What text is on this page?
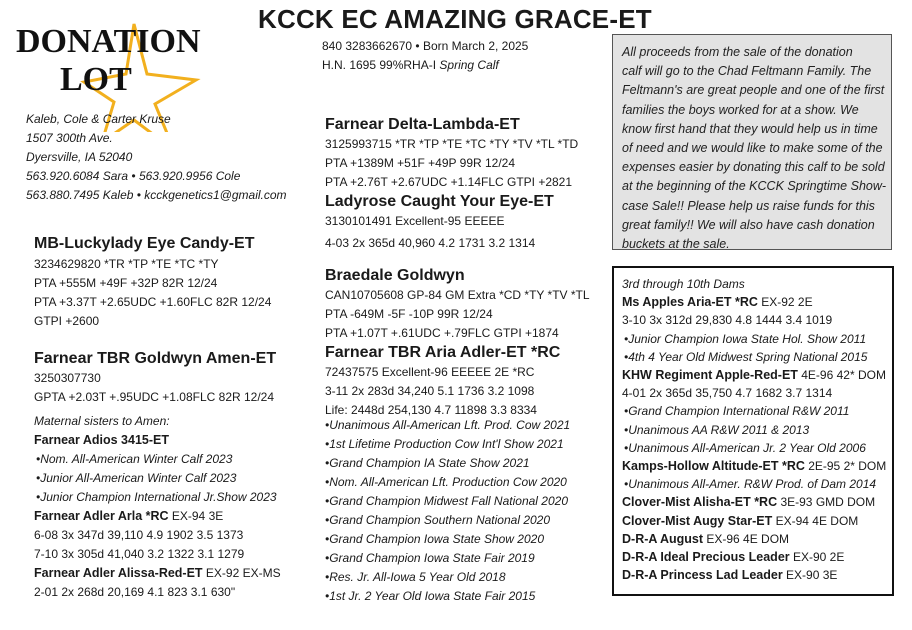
KCCK EC AMAZING GRACE-ET
DONATION
LOT
Kaleb, Cole & Carter Kruse
1507 300th Ave.
Dyersville, IA 52040
563.920.6084 Sara • 563.920.9956 Cole
563.880.7495 Kaleb • kcckgenetics1@gmail.com
840 3283662670 • Born March 2, 2025
H.N. 1695 99%RHA-I Spring Calf

All proceeds from the sale of the donation

calf will go to the Chad Feltmann Family. The

Feltmann's are great people and one of the first

families the boys worked for at a show. We

know first hand that they would help us in time

of need and we would like to make some of the

expenses easier by donating this calf to be sold

at the beginning of the KCCK Springtime Show-

case Sale!! Please help us raise funds for this

great family!! We will also have cash donation

buckets at the sale.

MB-Luckylady Eye Candy-ET
3234629820 *TR *TP *TE *TC *TY
PTA +555M +49F +32P 82R 12/24
PTA +3.37T +2.65UDC +1.60FLC 82R 12/24
GTPI +2600
Farnear TBR Goldwyn Amen-ET
3250307730
GPTA +2.03T +.95UDC +1.08FLC 82R 12/24
Maternal sisters to Amen:
Farnear Adios 3415-ET
•Nom. All-American Winter Calf 2023
•Junior All-American Winter Calf 2023
•Junior Champion International Jr.Show 2023
Farnear Adler Arla *RC EX-94 3E
6-08 3x 347d 39,110 4.9 1902 3.5 1373
7-10 3x 305d 41,040 3.2 1322 3.1 1279
Farnear Adler Alissa-Red-ET EX-92 EX-MS
2-01 2x 268d 20,169 4.1 823 3.1 630"
Farnear Delta-Lambda-ET
3125993715 *TR *TP *TE *TC *TY *TV *TL *TD
PTA +1389M +51F +49P 99R 12/24
PTA +2.76T +2.67UDC +1.14FLC GTPI +2821
Ladyrose Caught Your Eye-ET
3130101491 Excellent-95 EEEEE
4-03 2x 365d 40,960 4.2 1731 3.2 1314
Braedale Goldwyn
CAN10705608 GP-84 GM Extra *CD *TY *TV *TL
PTA -649M -5F -10P 99R 12/24
PTA +1.07T +.61UDC +.79FLC GTPI +1874
Farnear TBR Aria Adler-ET *RC
72437575 Excellent-96 EEEEE 2E *RC
3-11 2x 283d 34,240 5.1 1736 3.2 1098
Life: 2448d 254,130 4.7 11898 3.3 8334
•Unanimous All-American Lft. Prod. Cow 2021
•1st Lifetime Production Cow Int'l Show 2021
•Grand Champion IA State Show 2021
•Nom. All-American Lft. Production Cow 2020
•Grand Champion Midwest Fall National 2020
•Grand Champion Southern National 2020
•Grand Champion Iowa State Show 2020
•Grand Champion Iowa State Fair 2019
•Res. Jr. All-Iowa 5 Year Old 2018
•1st Jr. 2 Year Old Iowa State Fair 2015
3rd through 10th Dams
Ms Apples Aria-ET *RC EX-92 2E
3-10 3x 312d 29,830 4.8 1444 3.4 1019
•Junior Champion Iowa State Hol. Show 2011
•4th 4 Year Old Midwest Spring National 2015
KHW Regiment Apple-Red-ET 4E-96 42* DOM
4-01 2x 365d 35,750 4.7 1682 3.7 1314
•Grand Champion International R&W 2011
•Unanimous AA R&W 2011 & 2013
•Unanimous All-American Jr. 2 Year Old 2006
Kamps-Hollow Altitude-ET *RC 2E-95 2* DOM
•Unanimous All-Amer. R&W Prod. of Dam 2014
Clover-Mist Alisha-ET *RC 3E-93 GMD DOM
Clover-Mist Augy Star-ET EX-94 4E DOM
D-R-A August EX-96 4E DOM
D-R-A Ideal Precious Leader EX-90 2E
D-R-A Princess Lad Leader EX-90 3E
